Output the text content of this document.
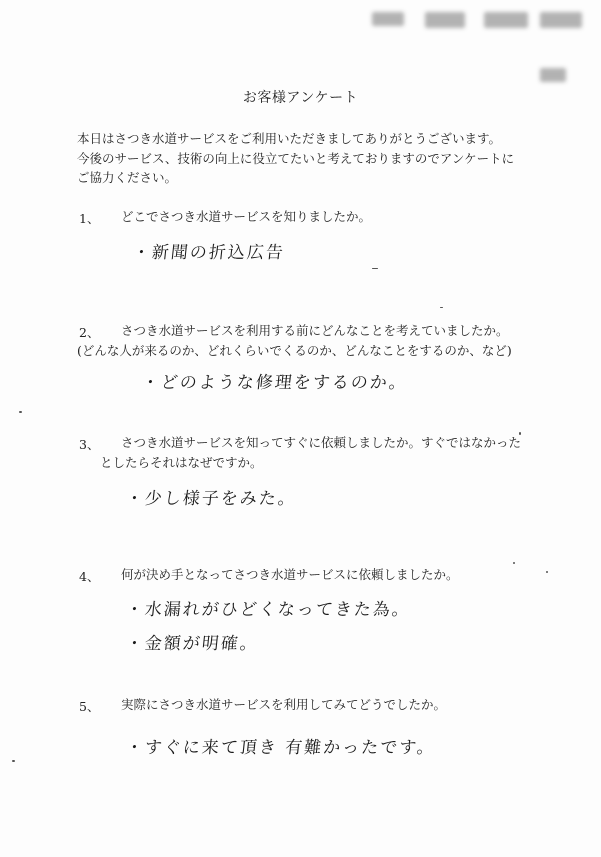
お客様アンケート
本日はさつき水道サービスをご利用いただきましてありがとうございます。
今後のサービス、技術の向上に役立てたいと考えておりますのでアンケートに
ご協力ください。
1、 どこでさつき水道サービスを知りましたか。
・新聞の折込広告
2、 さつき水道サービスを利用する前にどんなことを考えていましたか。
(どんな人が来るのか、どれくらいでくるのか、どんなことをするのか、など)
・どのような修理をするのか。
3、 さつき水道サービスを知ってすぐに依頼しましたか。すぐではなかった
としたらそれはなぜですか。
・少し様子をみた。
4、 何が決め手となってさつき水道サービスに依頼しましたか。
・水漏れがひどくなってきた為。
・金額が明確。
5、 実際にさつき水道サービスを利用してみてどうでしたか。
・すぐに来て頂き 有難かったです。
